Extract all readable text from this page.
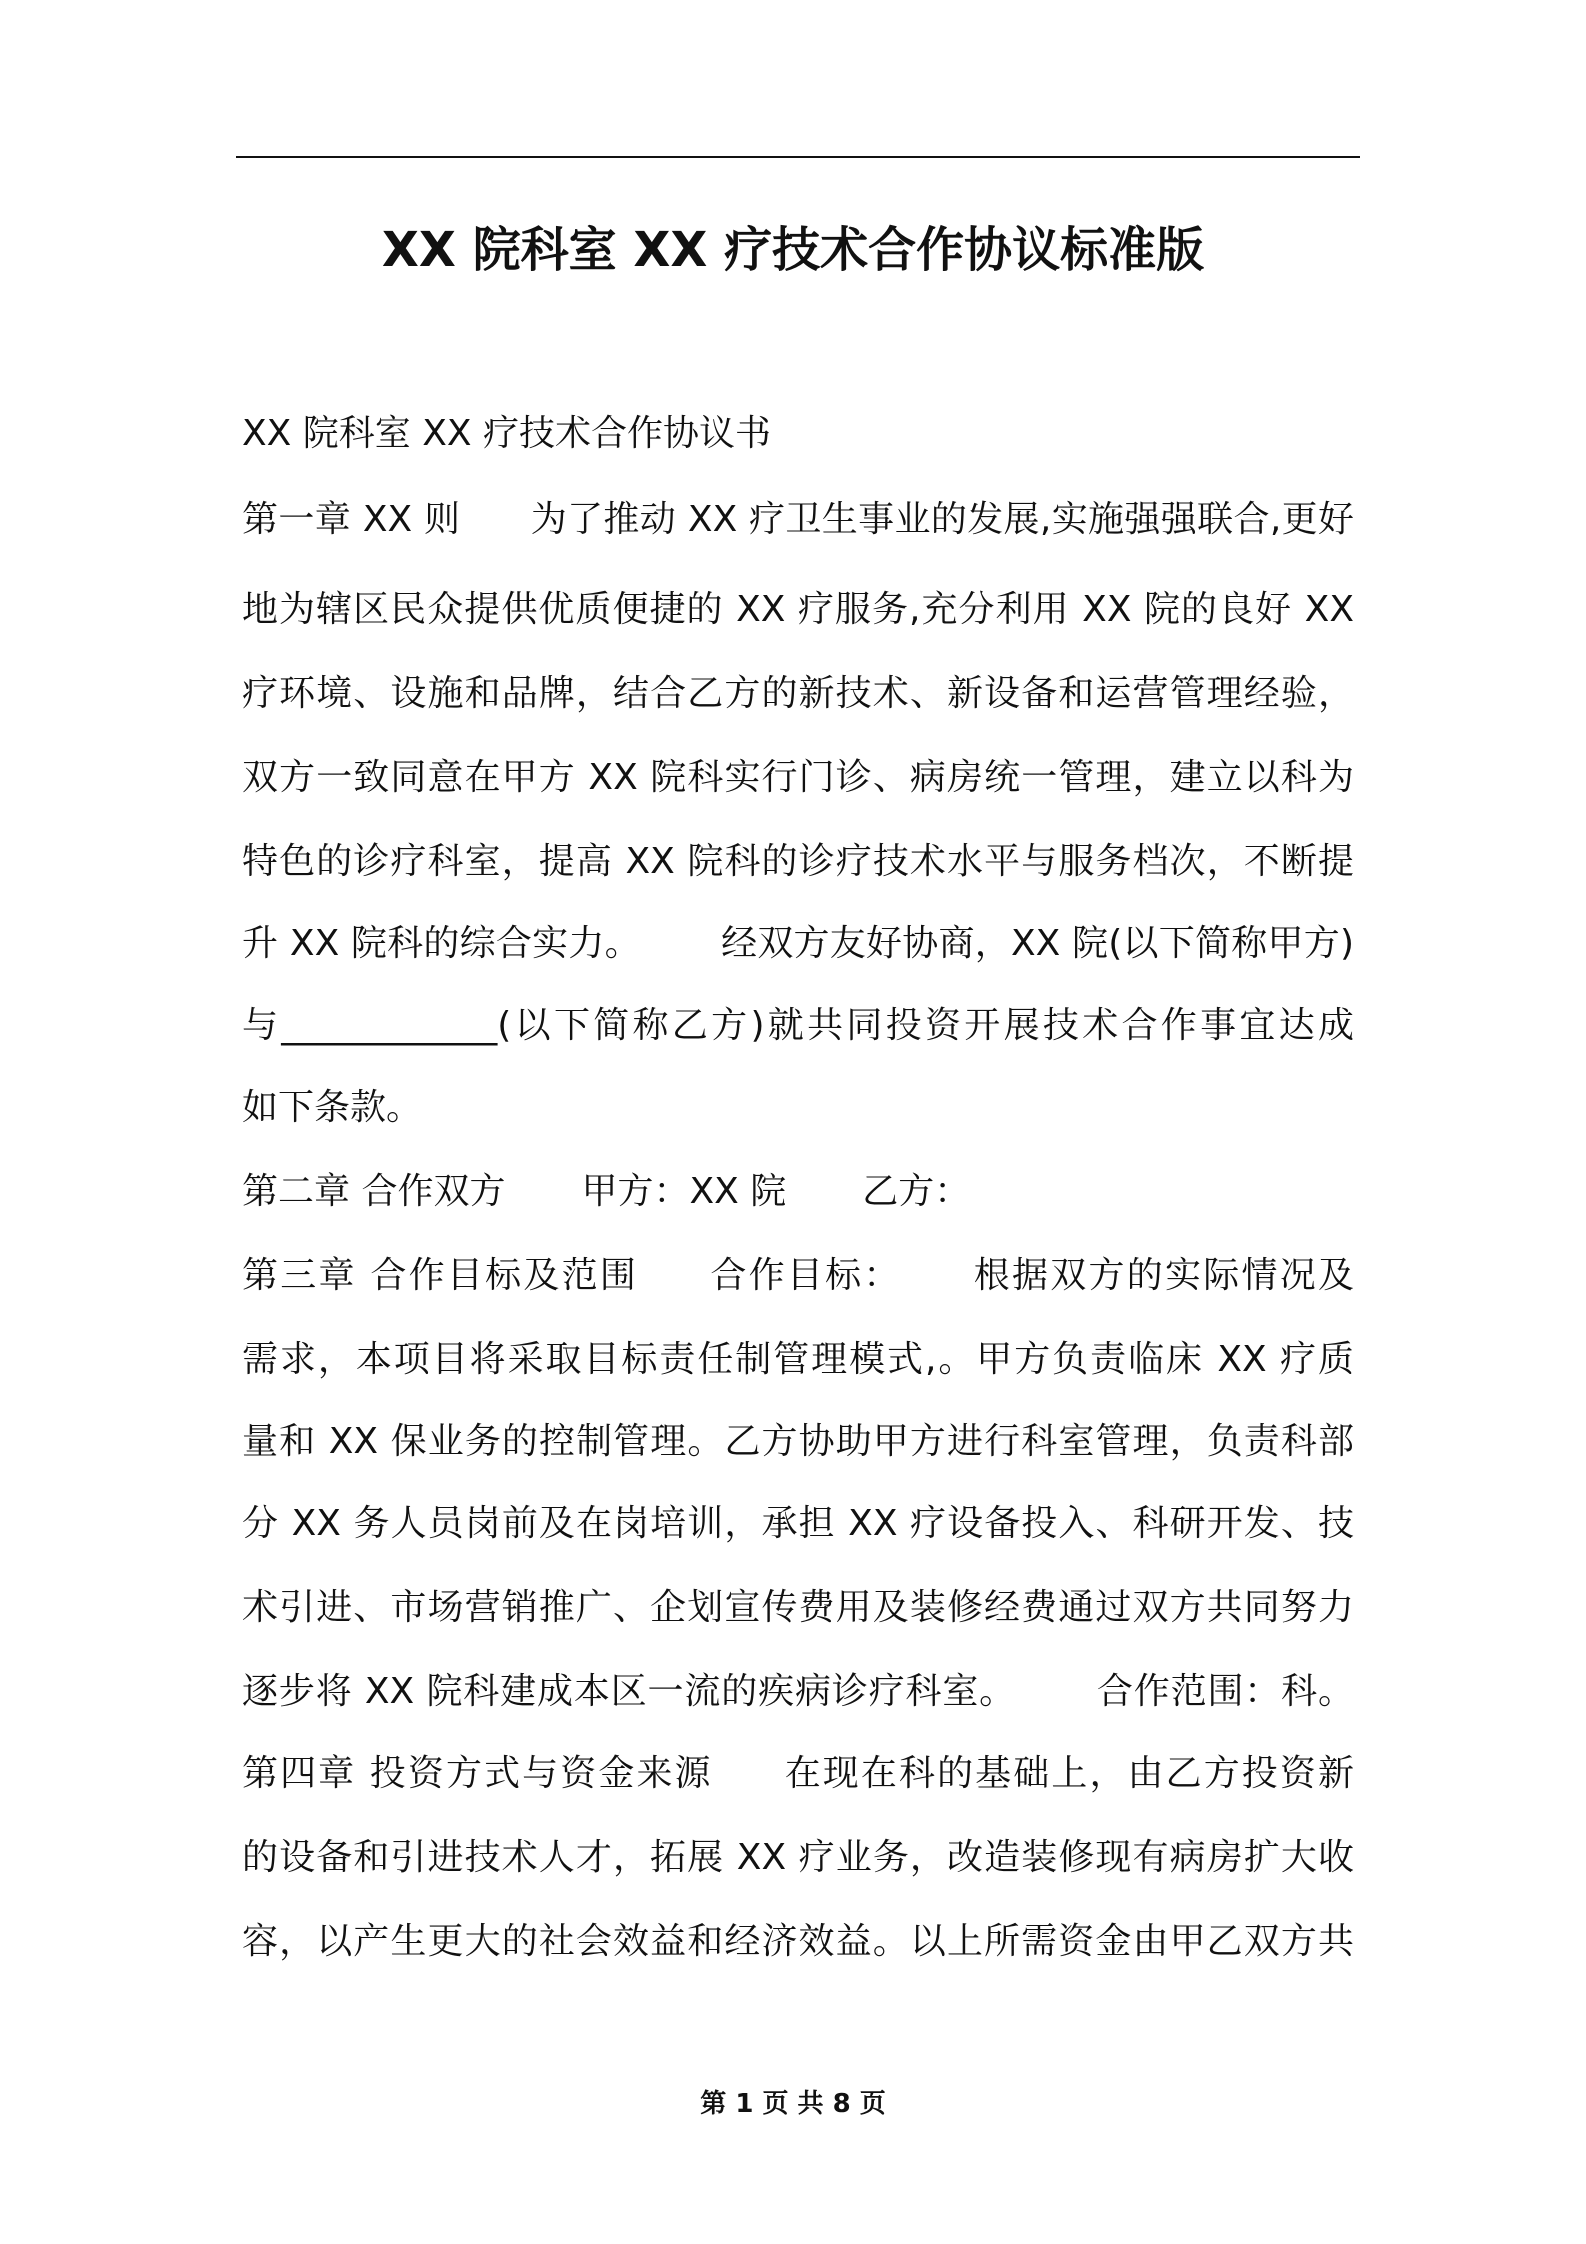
XX 院科室 XX 疗技术合作协议标准版
XX 院科室 XX 疗技术合作协议书
第一章 XX 则 为了推动 XX 疗卫生事业的发展,实施强强联合,更好
地为辖区民众提供优质便捷的 XX 疗服务,充分利用 XX 院的良好 XX
疗环境、设施和品牌，结合乙方的新技术、新设备和运营管理经验，
双方一致同意在甲方 XX 院科实行门诊、病房统一管理，建立以科为
特色的诊疗科室，提高 XX 院科的诊疗技术水平与服务档次，不断提
升 XX 院科的综合实力。 经双方友好协商，XX 院(以下简称甲方)
与____________(以下简称乙方)就共同投资开展技术合作事宜达成
如下条款。
第二章 合作双方 甲方：XX 院 乙方：
第三章 合作目标及范围 合作目标： 根据双方的实际情况及
需求，本项目将采取目标责任制管理模式,。甲方负责临床 XX 疗质
量和 XX 保业务的控制管理。乙方协助甲方进行科室管理，负责科部
分 XX 务人员岗前及在岗培训，承担 XX 疗设备投入、科研开发、技
术引进、市场营销推广、企划宣传费用及装修经费通过双方共同努力
逐步将 XX 院科建成本区一流的疾病诊疗科室。 合作范围：科。
第四章 投资方式与资金来源 在现在科的基础上，由乙方投资新
的设备和引进技术人才，拓展 XX 疗业务，改造装修现有病房扩大收
容，以产生更大的社会效益和经济效益。以上所需资金由甲乙双方共
第 1 页 共 8 页
